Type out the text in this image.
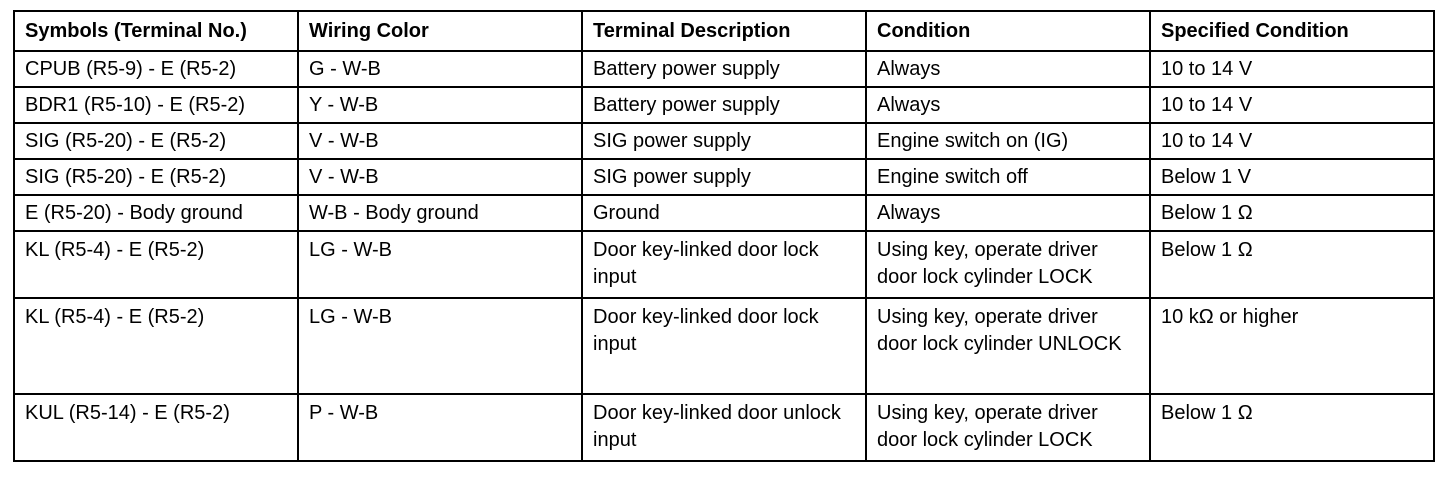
Symbols (Terminal No.)	Wiring Color	Terminal Description	Condition	Specified Condition
CPUB (R5-9) - E (R5-2)	G - W-B	Battery power supply	Always	10 to 14 V
BDR1 (R5-10) - E (R5-2)	Y - W-B	Battery power supply	Always	10 to 14 V
SIG (R5-20) - E (R5-2)	V - W-B	SIG power supply	Engine switch on (IG)	10 to 14 V
SIG (R5-20) - E (R5-2)	V - W-B	SIG power supply	Engine switch off	Below 1 V
E (R5-20) - Body ground	W-B - Body ground	Ground	Always	Below 1 Ω
KL (R5-4) - E (R5-2)	LG - W-B	Door key-linked door lock input	Using key, operate driver door lock cylinder LOCK	Below 1 Ω
KL (R5-4) - E (R5-2)	LG - W-B	Door key-linked door lock input	Using key, operate driver door lock cylinder UNLOCK	10 kΩ or higher
KUL (R5-14) - E (R5-2)	P - W-B	Door key-linked door unlock input	Using key, operate driver door lock cylinder LOCK	Below 1 Ω
